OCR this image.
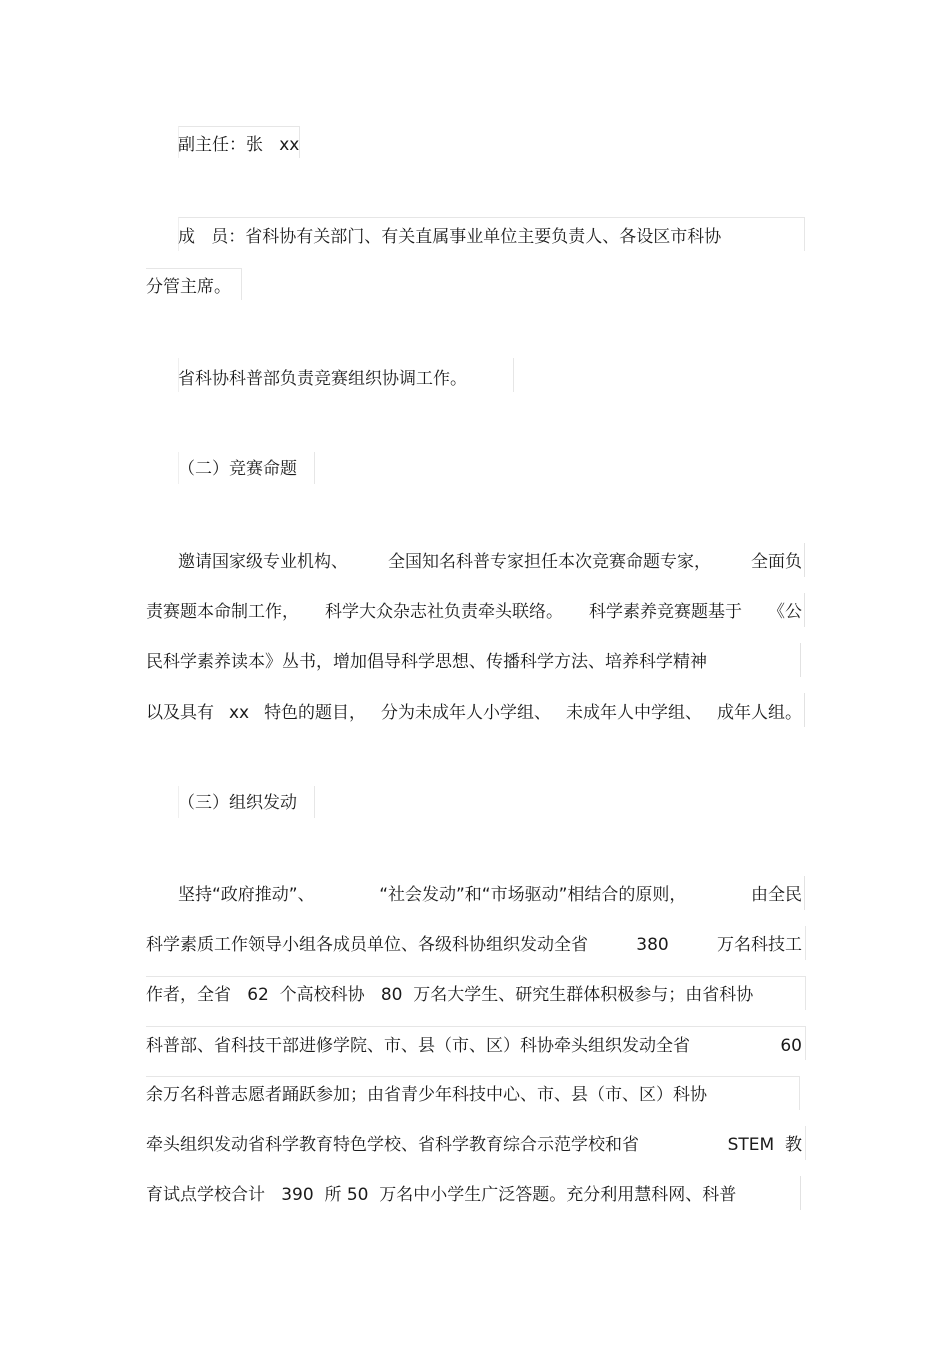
副主任：张   xx
成   员：省科协有关部门、有关直属事业单位主要负责人、各设区市科协
分管主席。
省科协科普部负责竞赛组织协调工作。
（二）竞赛命题
邀请国家级专业机构、 全国知名科普专家担任本次竞赛命题专家， 全面负
责赛题本命制工作， 科学大众杂志社负责牵头联络。 科学素养竞赛题基于 《公
民科学素养读本》丛书，增加倡导科学思想、传播科学方法、培养科学精神
以及具有 xx 特色的题目， 分为未成年人小学组、 未成年人中学组、 成年人组。
（三）组织发动
坚持“政府推动”、	“社会发动”和“市场驱动”相结合的原则，	由全民
科学素质工作领导小组各成员单位、各级科协组织发动全省	380	万名科技工
作者，全省   62  个高校科协   80  万名大学生、研究生群体积极参与；由省科协
科普部、省科技干部进修学院、市、县（市、区）科协牵头组织发动全省	60
余万名科普志愿者踊跃参加；由省青少年科技中心、市、县（市、区）科协
牵头组织发动省科学教育特色学校、省科学教育综合示范学校和省	STEM  教
育试点学校合计   390  所 50  万名中小学生广泛答题。充分利用慧科网、科普
